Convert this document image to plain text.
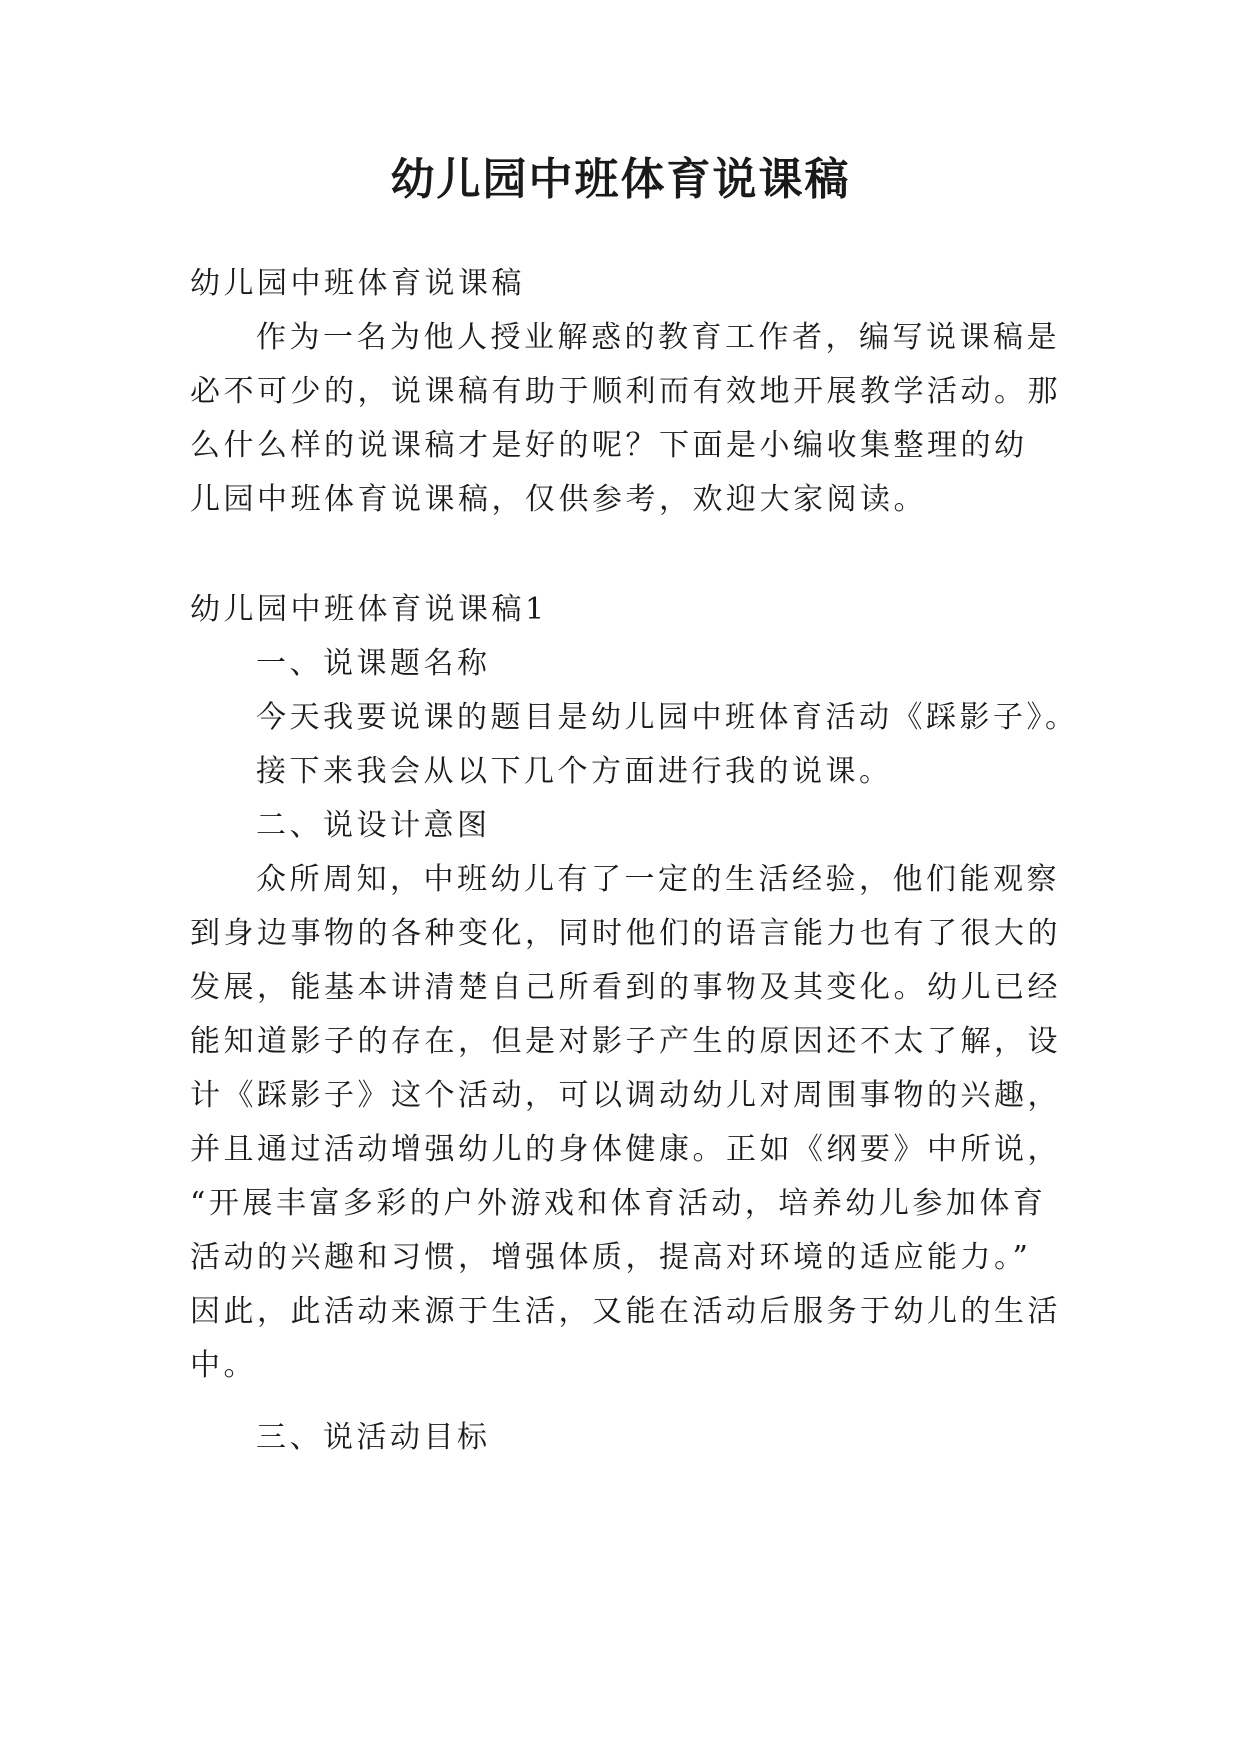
幼儿园中班体育说课稿
幼儿园中班体育说课稿
作为一名为他人授业解惑的教育工作者，编写说课稿是
必不可少的，说课稿有助于顺利而有效地开展教学活动。那
么什么样的说课稿才是好的呢？下面是小编收集整理的幼
儿园中班体育说课稿，仅供参考，欢迎大家阅读。
幼儿园中班体育说课稿1
一、说课题名称
今天我要说课的题目是幼儿园中班体育活动《踩影子》。
接下来我会从以下几个方面进行我的说课。
二、说设计意图
众所周知，中班幼儿有了一定的生活经验，他们能观察
到身边事物的各种变化，同时他们的语言能力也有了很大的
发展，能基本讲清楚自己所看到的事物及其变化。幼儿已经
能知道影子的存在，但是对影子产生的原因还不太了解，设
计《踩影子》这个活动，可以调动幼儿对周围事物的兴趣，
并且通过活动增强幼儿的身体健康。正如《纲要》中所说，
“开展丰富多彩的户外游戏和体育活动，培养幼儿参加体育
活动的兴趣和习惯，增强体质，提高对环境的适应能力。”
因此，此活动来源于生活，又能在活动后服务于幼儿的生活
中。
三、说活动目标
